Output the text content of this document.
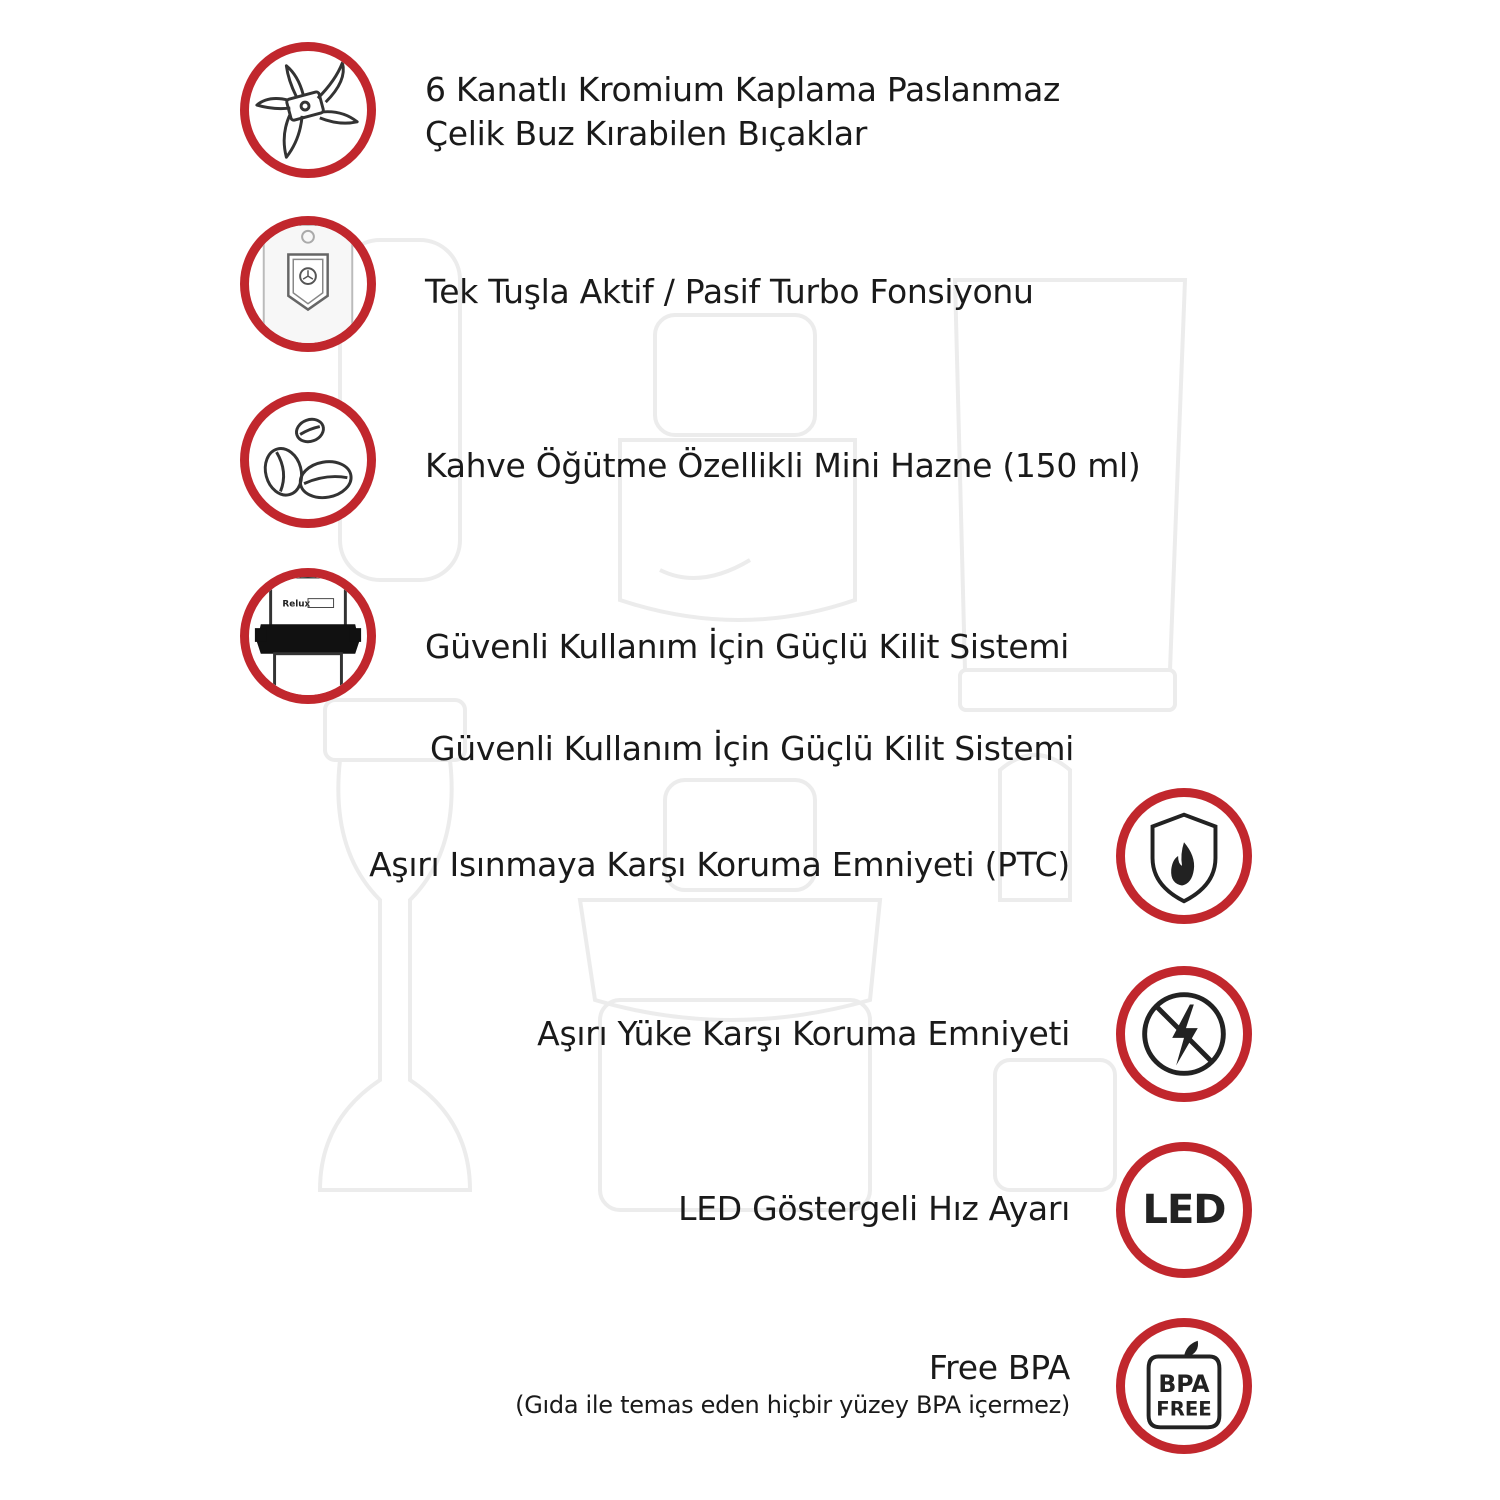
6 Kanatlı Kromium Kaplama Paslanmaz
Çelik Buz Kırabilen Bıçaklar
Tek Tuşla Aktif / Pasif Turbo Fonsiyonu
Kahve Öğütme Özellikli Mini Hazne (150 ml)
Relux
Güvenli Kullanım İçin Güçlü Kilit Sistemi
Güvenli Kullanım İçin Güçlü Kilit Sistemi
Aşırı Isınmaya Karşı Koruma Emniyeti (PTC)
Aşırı Yüke Karşı Koruma Emniyeti
LED Göstergeli Hız Ayarı LED
Free BPA
(Gıda ile temas eden hiçbir yüzey BPA içermez)
BPA
FREE
